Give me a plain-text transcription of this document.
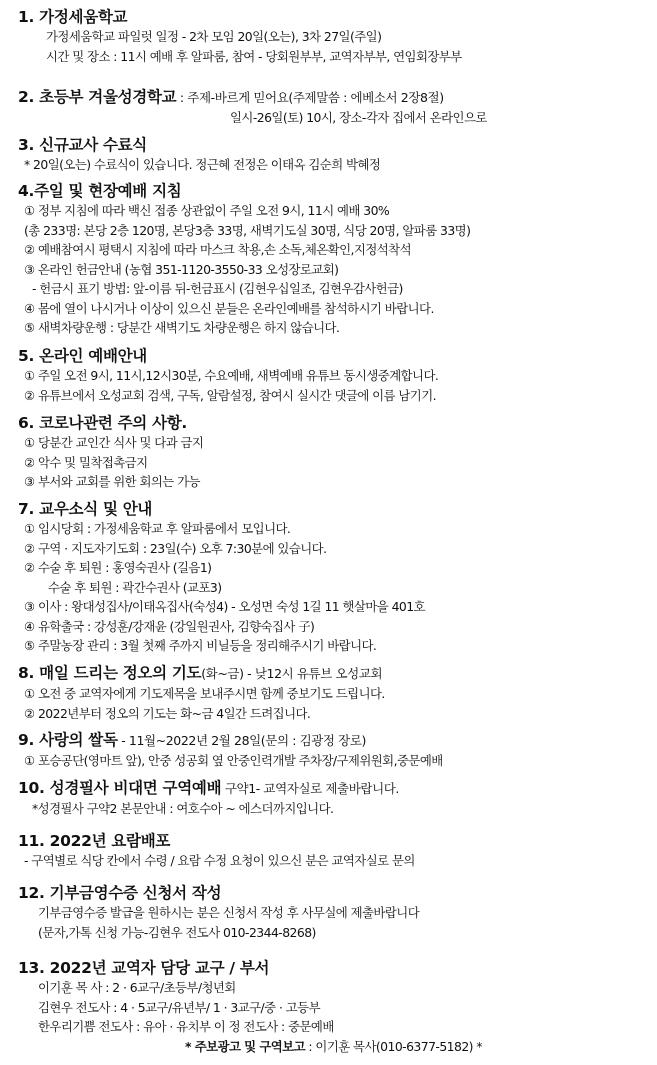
1. 가정세움학교
가정세움학교 파일럿 일정 - 2차 모임 20일(오는), 3차 27일(주일)
시간 및 장소 : 11시 예배 후 알파룸, 참여 - 당회원부부, 교역자부부, 연임회장부부
2. 초등부 겨울성경학교 : 주제-바르게 믿어요(주제말씀 : 에베소서 2장8절)
일시-26일(토) 10시, 장소-각자 집에서 온라인으로
3. 신규교사 수료식
* 20일(오는) 수료식이 있습니다. 정근혜 전정은 이태옥 김순희 박혜정
4.주일 및 현장예배 지침
① 정부 지침에 따라 백신 접종 상관없이 주일 오전 9시, 11시 예배 30%
(총 233명: 본당 2층 120명, 본당3층 33명, 새벽기도실 30명, 식당 20명, 알파룸 33명)
② 예배참여시 평택시 지침에 따라 마스크 착용,손 소독,체온확인,지정석착석
③ 온라인 헌금안내 (농협 351-1120-3550-33 오성장로교회)
- 헌금시 표기 방법: 앞-이름 뒤-헌금표시 (김현우십일조, 김현우감사헌금)
④ 몸에 열이 나시거나 이상이 있으신 분들은 온라인예배를 참석하시기 바랍니다.
⑤ 새벽차량운행 : 당분간 새벽기도 차량운행은 하지 않습니다.
5. 온라인 예배안내
① 주일 오전 9시, 11시,12시30분, 수요예배, 새벽예배 유튜브 동시생중계합니다.
② 유튜브에서 오성교회 검색, 구독, 알람설정, 참여시 실시간 댓글에 이름 남기기.
6. 코로나관련 주의 사항.
① 당분간 교인간 식사 및 다과 금지
② 악수 및 밀착접촉금지
③ 부서와 교회를 위한 회의는 가능
7. 교우소식 및 안내
① 임시당회 : 가정세움학교 후 알파룸에서 모입니다.
② 구역 · 지도자기도회 : 23일(수) 오후 7:30분에 있습니다.
② 수술 후 퇴원 : 홍영숙권사 (길음1)
수술 후 퇴원 : 곽간수권사 (교포3)
③ 이사 : 왕대성집사/이태옥집사(숙성4) - 오성면 숙성 1길 11 햇살마을 401호
④ 유학출국 : 강성훈/강재윤 (강일원권사, 김향숙집사 子)
⑤ 주말농장 관리 : 3월 첫째 주까지 비닐등을 정리해주시기 바랍니다.
8. 매일 드리는 정오의 기도(화~금) - 낮12시 유튜브 오성교회
① 오전 중 교역자에게 기도제목을 보내주시면 함께 중보기도 드립니다.
② 2022년부터 정오의 기도는 화~금 4일간 드려집니다.
9. 사랑의 쌀독 - 11월~2022년 2월 28일(문의 : 김광정 장로)
① 포승공단(영마트 앞), 안중 성공회 옆 안중인력개발 주차장/구제위원회,중문예배
10. 성경필사 비대면 구역예배 구약1- 교역자실로 제출바랍니다.
*성경필사 구약2 본문안내 : 여호수아 ~ 에스더까지입니다.
11. 2022년 요람배포
- 구역별로 식당 칸에서 수령 / 요람 수정 요청이 있으신 분은 교역자실로 문의
12. 기부금영수증 신청서 작성
기부금영수증 발급을 원하시는 분은 신청서 작성 후 사무실에 제출바랍니다
(문자,가톡 신청 가능-김현우 전도사 010-2344-8268)
13. 2022년 교역자 담당 교구 / 부서
이기훈 목 사 : 2 · 6교구/초등부/청년회
김현우 전도사 : 4 · 5교구/유년부/ 1 · 3교구/중 · 고등부
한우리기쁨 전도사 : 유아 · 유치부 이 정 전도사 : 중문예배
* 주보광고 및 구역보고 : 이기훈 목사(010-6377-5182) *
